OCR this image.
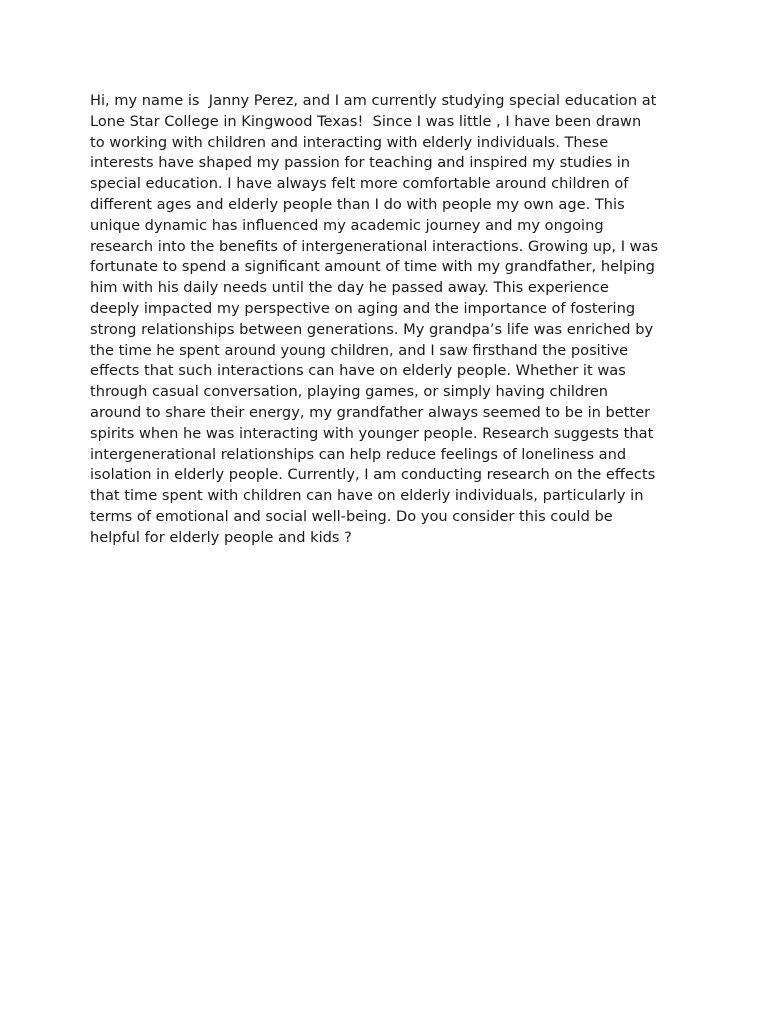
Hi, my name is  Janny Perez, and I am currently studying special education at
Lone Star College in Kingwood Texas!  Since I was little , I have been drawn
to working with children and interacting with elderly individuals. These
interests have shaped my passion for teaching and inspired my studies in
special education. I have always felt more comfortable around children of
different ages and elderly people than I do with people my own age. This
unique dynamic has influenced my academic journey and my ongoing
research into the benefits of intergenerational interactions. Growing up, I was
fortunate to spend a significant amount of time with my grandfather, helping
him with his daily needs until the day he passed away. This experience
deeply impacted my perspective on aging and the importance of fostering
strong relationships between generations. My grandpa’s life was enriched by
the time he spent around young children, and I saw firsthand the positive
effects that such interactions can have on elderly people. Whether it was
through casual conversation, playing games, or simply having children
around to share their energy, my grandfather always seemed to be in better
spirits when he was interacting with younger people. Research suggests that
intergenerational relationships can help reduce feelings of loneliness and
isolation in elderly people. Currently, I am conducting research on the effects
that time spent with children can have on elderly individuals, particularly in
terms of emotional and social well-being. Do you consider this could be
helpful for elderly people and kids ?
